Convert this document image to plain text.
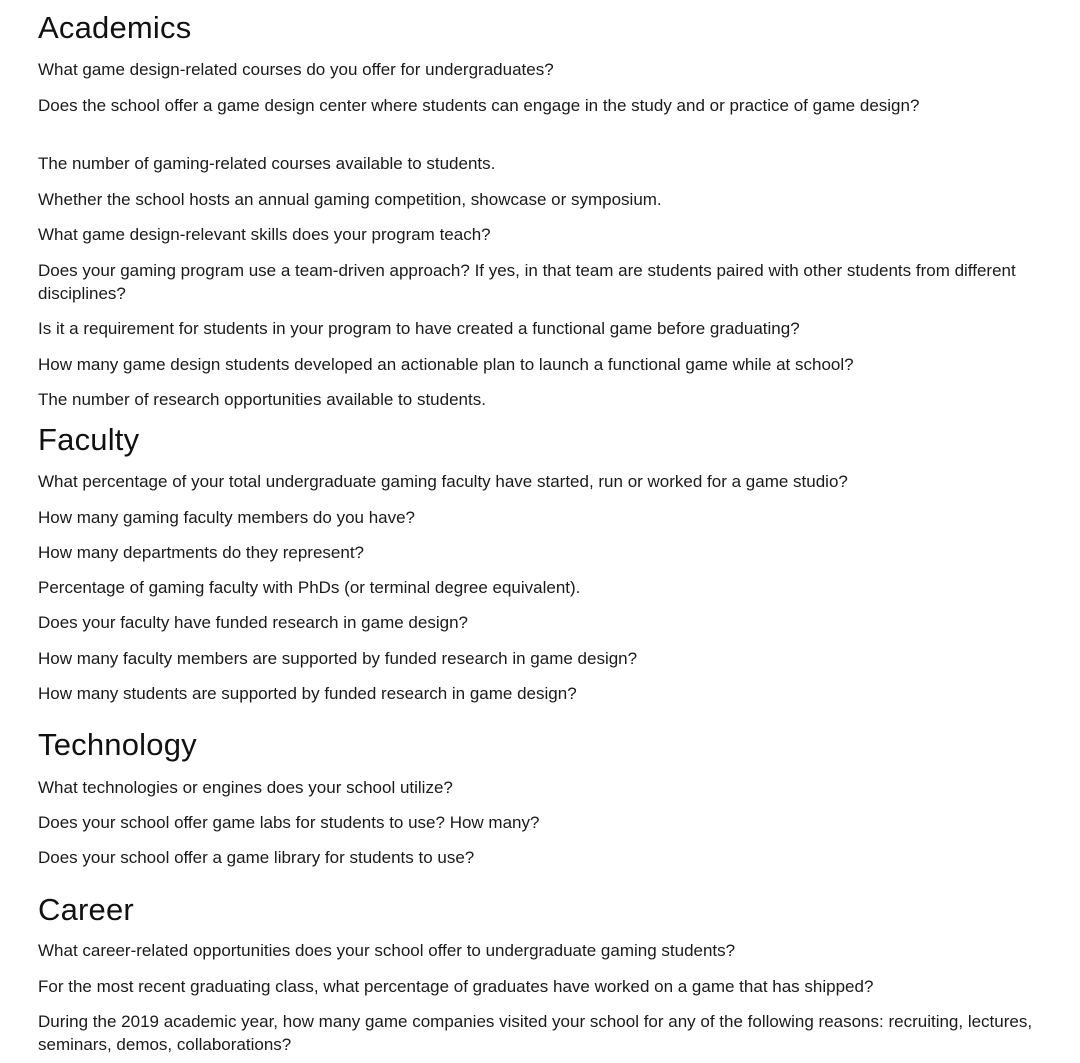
Academics

What game design-related courses do you offer for undergraduates?

Does the school offer a game design center where students can engage in the study and or practice of game design?

The number of gaming-related courses available to students.

Whether the school hosts an annual gaming competition, showcase or symposium.

What game design-relevant skills does your program teach?

Does your gaming program use a team-driven approach? If yes, in that team are students paired with other students from different disciplines?

Is it a requirement for students in your program to have created a functional game before graduating?

How many game design students developed an actionable plan to launch a functional game while at school?

The number of research opportunities available to students.

Faculty

What percentage of your total undergraduate gaming faculty have started, run or worked for a game studio?

How many gaming faculty members do you have?

How many departments do they represent?

Percentage of gaming faculty with PhDs (or terminal degree equivalent).

Does your faculty have funded research in game design?

How many faculty members are supported by funded research in game design?

How many students are supported by funded research in game design?

Technology

What technologies or engines does your school utilize?

Does your school offer game labs for students to use? How many?

Does your school offer a game library for students to use?

Career

What career-related opportunities does your school offer to undergraduate gaming students?

For the most recent graduating class, what percentage of graduates have worked on a game that has shipped?

During the 2019 academic year, how many game companies visited your school for any of the following reasons: recruiting, lectures, seminars, demos, collaborations?
